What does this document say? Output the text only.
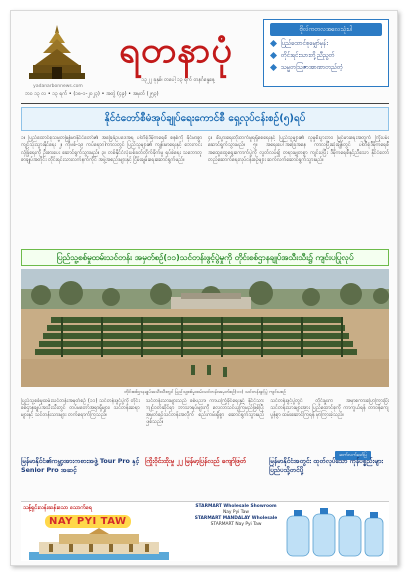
yadanarbonnews.com
ရတနာပုံ
၁၃၂၂ ခုနှစ်၊ တပေါ့ ၁၃ ရက် တနင်္ဂနွေနေ့
ဘဝ ၁၃ လ • ၁၃ ရက် • (၁၈-၁-၂၀၂၃) • အတွဲ (၄၉) • အမှတ် (၂၅၃)
ဗိုလ်ကတလအလေသုံးပါ
ပြည်ထောင်စုမျှော်မှန်း
တိုင်းရင်းသားတို့ညီညွတ်
သမ္မတသြဇာအာဏာတည်တံ့
နိုင်ငံတော်စီမံအုပ်ချုပ်ရေးကောင်စီ ရှေ့လုပ်ငန်းစဉ်(၅)ရပ်
၁။ ပြည်ထောင်စုသမ္မတမြန်မာနိုင်ငံတော်၏ အခြေခံဥပဒေအရ ပါတီစုံဒီမိုကရေစီ စနစ်ကို ခိုင်မာစွာ ကျင့်သုံးသွားနိုင်ရေး ၂။ ကိုဗစ်-၁၉ ကပ်ရောဂါကာလတွင် ပြည်သူများ၏ ကျန်းမာရေးနှင့် ဘေးကင်းလုံခြုံရေးကို ဦးစားပေး ဆောင်ရွက်သွားမည်။ ၃။ တစ်နိုင်ငံလုံးပစ်ခတ်တိုက်ခိုက်မှု ရပ်စဲရေး သဘောတူစာချုပ်အတိုင်း တိုင်းရင်းသားလက်နက်ကိုင် အဖွဲ့အစည်းများနှင့် ငြိမ်းချမ်းရေးဆောင်ရွက်မည်။
၄။ စီးပွားရေးတိုးတက်မှုရရှိစေရေးနှင့် ပြည်သူများ၏ လူမှုစီးပွားဘဝ မြင့်မားရေးအတွက် ကြိုးပမ်းဆောင်ရွက်သွားမည်။ ၅။ အရေးပေါ်အခြေအနေ ကာလပြီးဆုံးချိန်တွင် ပါတီစုံဒီမိုကရေစီ အထွေထွေရွေးကောက်ပွဲကို လွတ်လပ်၍ တရားမျှတစွာ ကျင်းပပြီး ဒီမိုကရေစီနှင့်ညီသော နိုင်ငံတော်တည်ဆောက်ရေးလုပ်ငန်းစဉ်များ ဆက်လက်ဆောင်ရွက်သွားမည်။
ပြည်သူ့စစ်မှုထမ်းသင်တန်း အမှတ်စဉ်(၁၁)သင်တန်းဖွင့်ပွဲမှုကို တိုင်းစစ်ဌာနချုပ်အသီးသီး၌ ကျင်းပပြုလုပ်
တိုင်းစစ်ဌာနချုပ်အသီးသီးတွင် ပြည်သူ့စစ်မှုထမ်းသင်တန်းအမှတ်စဉ်(၁၁) သင်တန်းဖွင့်ပွဲ ကျင်းပစဉ်
ပြည်သူ့စစ်မှုထမ်းသင်တန်းအမှတ်စဉ် (၁၁) သင်တန်းဖွင့်ပွဲကို တိုင်းစစ်ဌာနချုပ်အသီးသီးတွင် တပ်မတော်အရာရှိများ၊ သင်တန်းဆရာများနှင့် သင်တန်းသားများ တက်ရောက်ကြသည်။
သင်တန်းသားများသည် စစ်ပညာ၊ ကာယကြံ့ခိုင်ရေးနှင့် နိုင်ငံသားကျင့်ဝတ်ဆိုင်ရာ ဘာသာရပ်များကို လေ့လာသင်ယူကြမည်ဖြစ်ပြီး အမှတ်စဉ်သင်တန်းအလိုက် စည်းကမ်းရှိစွာ ဆောင်ရွက်သွားမည်ဖြစ်သည်။
သင်တန်းဖွင့်ပွဲတွင် တိုင်းမှူးက အမှာစကားပြောကြားပြီး သင်တန်းသားများအား ပြည်ထောင်စုကို ကာကွယ်ရန် တာဝန်ကျေပွန်စွာ ထမ်းဆောင်ကြရန် မှာကြားခဲ့သည်။
ဆက်လက်ဖော်ပြ
မြန်မာနိုင်ငံ၏ကမ္ဘာ့အားကစားအဖွဲ့ Tour Pro နှင့် Senior Pro အဆင့်
ကြိုးဝိုင်းထိုးမှု ၂၂ မြန်မာ့ပြန်လည် ကျော်ဖြတ်	မြန်မာနိုင်ငံအတွင်း ထုတ်လုပ်သော ကုန်ပစ္စည်းများ ပြည်ပသို့တင်ပို့
သန့်ရှင်းလန်းဆန်းသော သောက်ရေ
NAY PYI TAW
STARMART Wholesale Showroom
Nay Pyi Taw
STARMART MANDALAY Wholesale
STARMART Nay Pyi Taw
